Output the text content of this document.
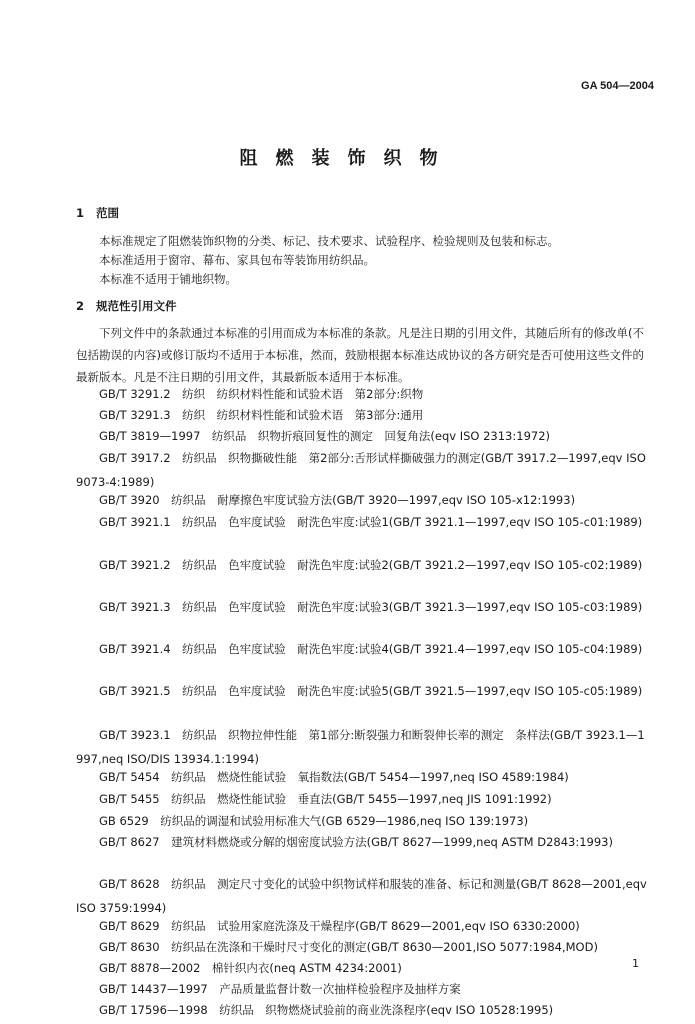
GA 504—2004
阻燃装饰织物
1 范围
本标准规定了阻燃装饰织物的分类、标记、技术要求、试验程序、检验规则及包装和标志。
本标准适用于窗帘、幕布、家具包布等装饰用纺织品。
本标准不适用于铺地织物。
2 规范性引用文件
下列文件中的条款通过本标准的引用而成为本标准的条款。凡是注日期的引用文件，其随后所有的修改单(不包括勘误的内容)或修订版均不适用于本标准，然而，鼓励根据本标准达成协议的各方研究是否可使用这些文件的最新版本。凡是不注日期的引用文件，其最新版本适用于本标准。
GB/T 3291.2　纺织　纺织材料性能和试验术语　第2部分:织物
GB/T 3291.3　纺织　纺织材料性能和试验术语　第3部分:通用
GB/T 3819—1997　纺织品　织物折痕回复性的测定　回复角法(eqv ISO 2313:1972)
GB/T 3917.2　纺织品　织物撕破性能　第2部分:舌形试样撕破强力的测定(GB/T 3917.2—1997,eqv ISO 9073-4:1989)
GB/T 3920　纺织品　耐摩擦色牢度试验方法(GB/T 3920—1997,eqv ISO 105-x12:1993)
GB/T 3921.1　纺织品　色牢度试验　耐洗色牢度:试验1(GB/T 3921.1—1997,eqv ISO 105-c01:1989)
GB/T 3921.2　纺织品　色牢度试验　耐洗色牢度:试验2(GB/T 3921.2—1997,eqv ISO 105-c02:1989)
GB/T 3921.3　纺织品　色牢度试验　耐洗色牢度:试验3(GB/T 3921.3—1997,eqv ISO 105-c03:1989)
GB/T 3921.4　纺织品　色牢度试验　耐洗色牢度:试验4(GB/T 3921.4—1997,eqv ISO 105-c04:1989)
GB/T 3921.5　纺织品　色牢度试验　耐洗色牢度:试验5(GB/T 3921.5—1997,eqv ISO 105-c05:1989)
GB/T 3923.1　纺织品　织物拉伸性能　第1部分:断裂强力和断裂伸长率的测定　条样法(GB/T 3923.1—1997,neq ISO/DIS 13934.1:1994)
GB/T 5454　纺织品　燃烧性能试验　氧指数法(GB/T 5454—1997,neq ISO 4589:1984)
GB/T 5455　纺织品　燃烧性能试验　垂直法(GB/T 5455—1997,neq JIS 1091:1992)
GB 6529　纺织品的调湿和试验用标准大气(GB 6529—1986,neq ISO 139:1973)
GB/T 8627　建筑材料燃烧或分解的烟密度试验方法(GB/T 8627—1999,neq ASTM D2843:1993)
GB/T 8628　纺织品　测定尺寸变化的试验中织物试样和服装的准备、标记和测量(GB/T 8628—2001,eqv ISO 3759:1994)
GB/T 8629　纺织品　试验用家庭洗涤及干燥程序(GB/T 8629—2001,eqv ISO 6330:2000)
GB/T 8630　纺织品在洗涤和干燥时尺寸变化的测定(GB/T 8630—2001,ISO 5077:1984,MOD)
GB/T 8878—2002　棉针织内衣(neq ASTM 4234:2001)
GB/T 14437—1997　产品质量监督计数一次抽样检验程序及抽样方案
GB/T 17596—1998　纺织品　织物燃烧试验前的商业洗涤程序(eqv ISO 10528:1995)
1
